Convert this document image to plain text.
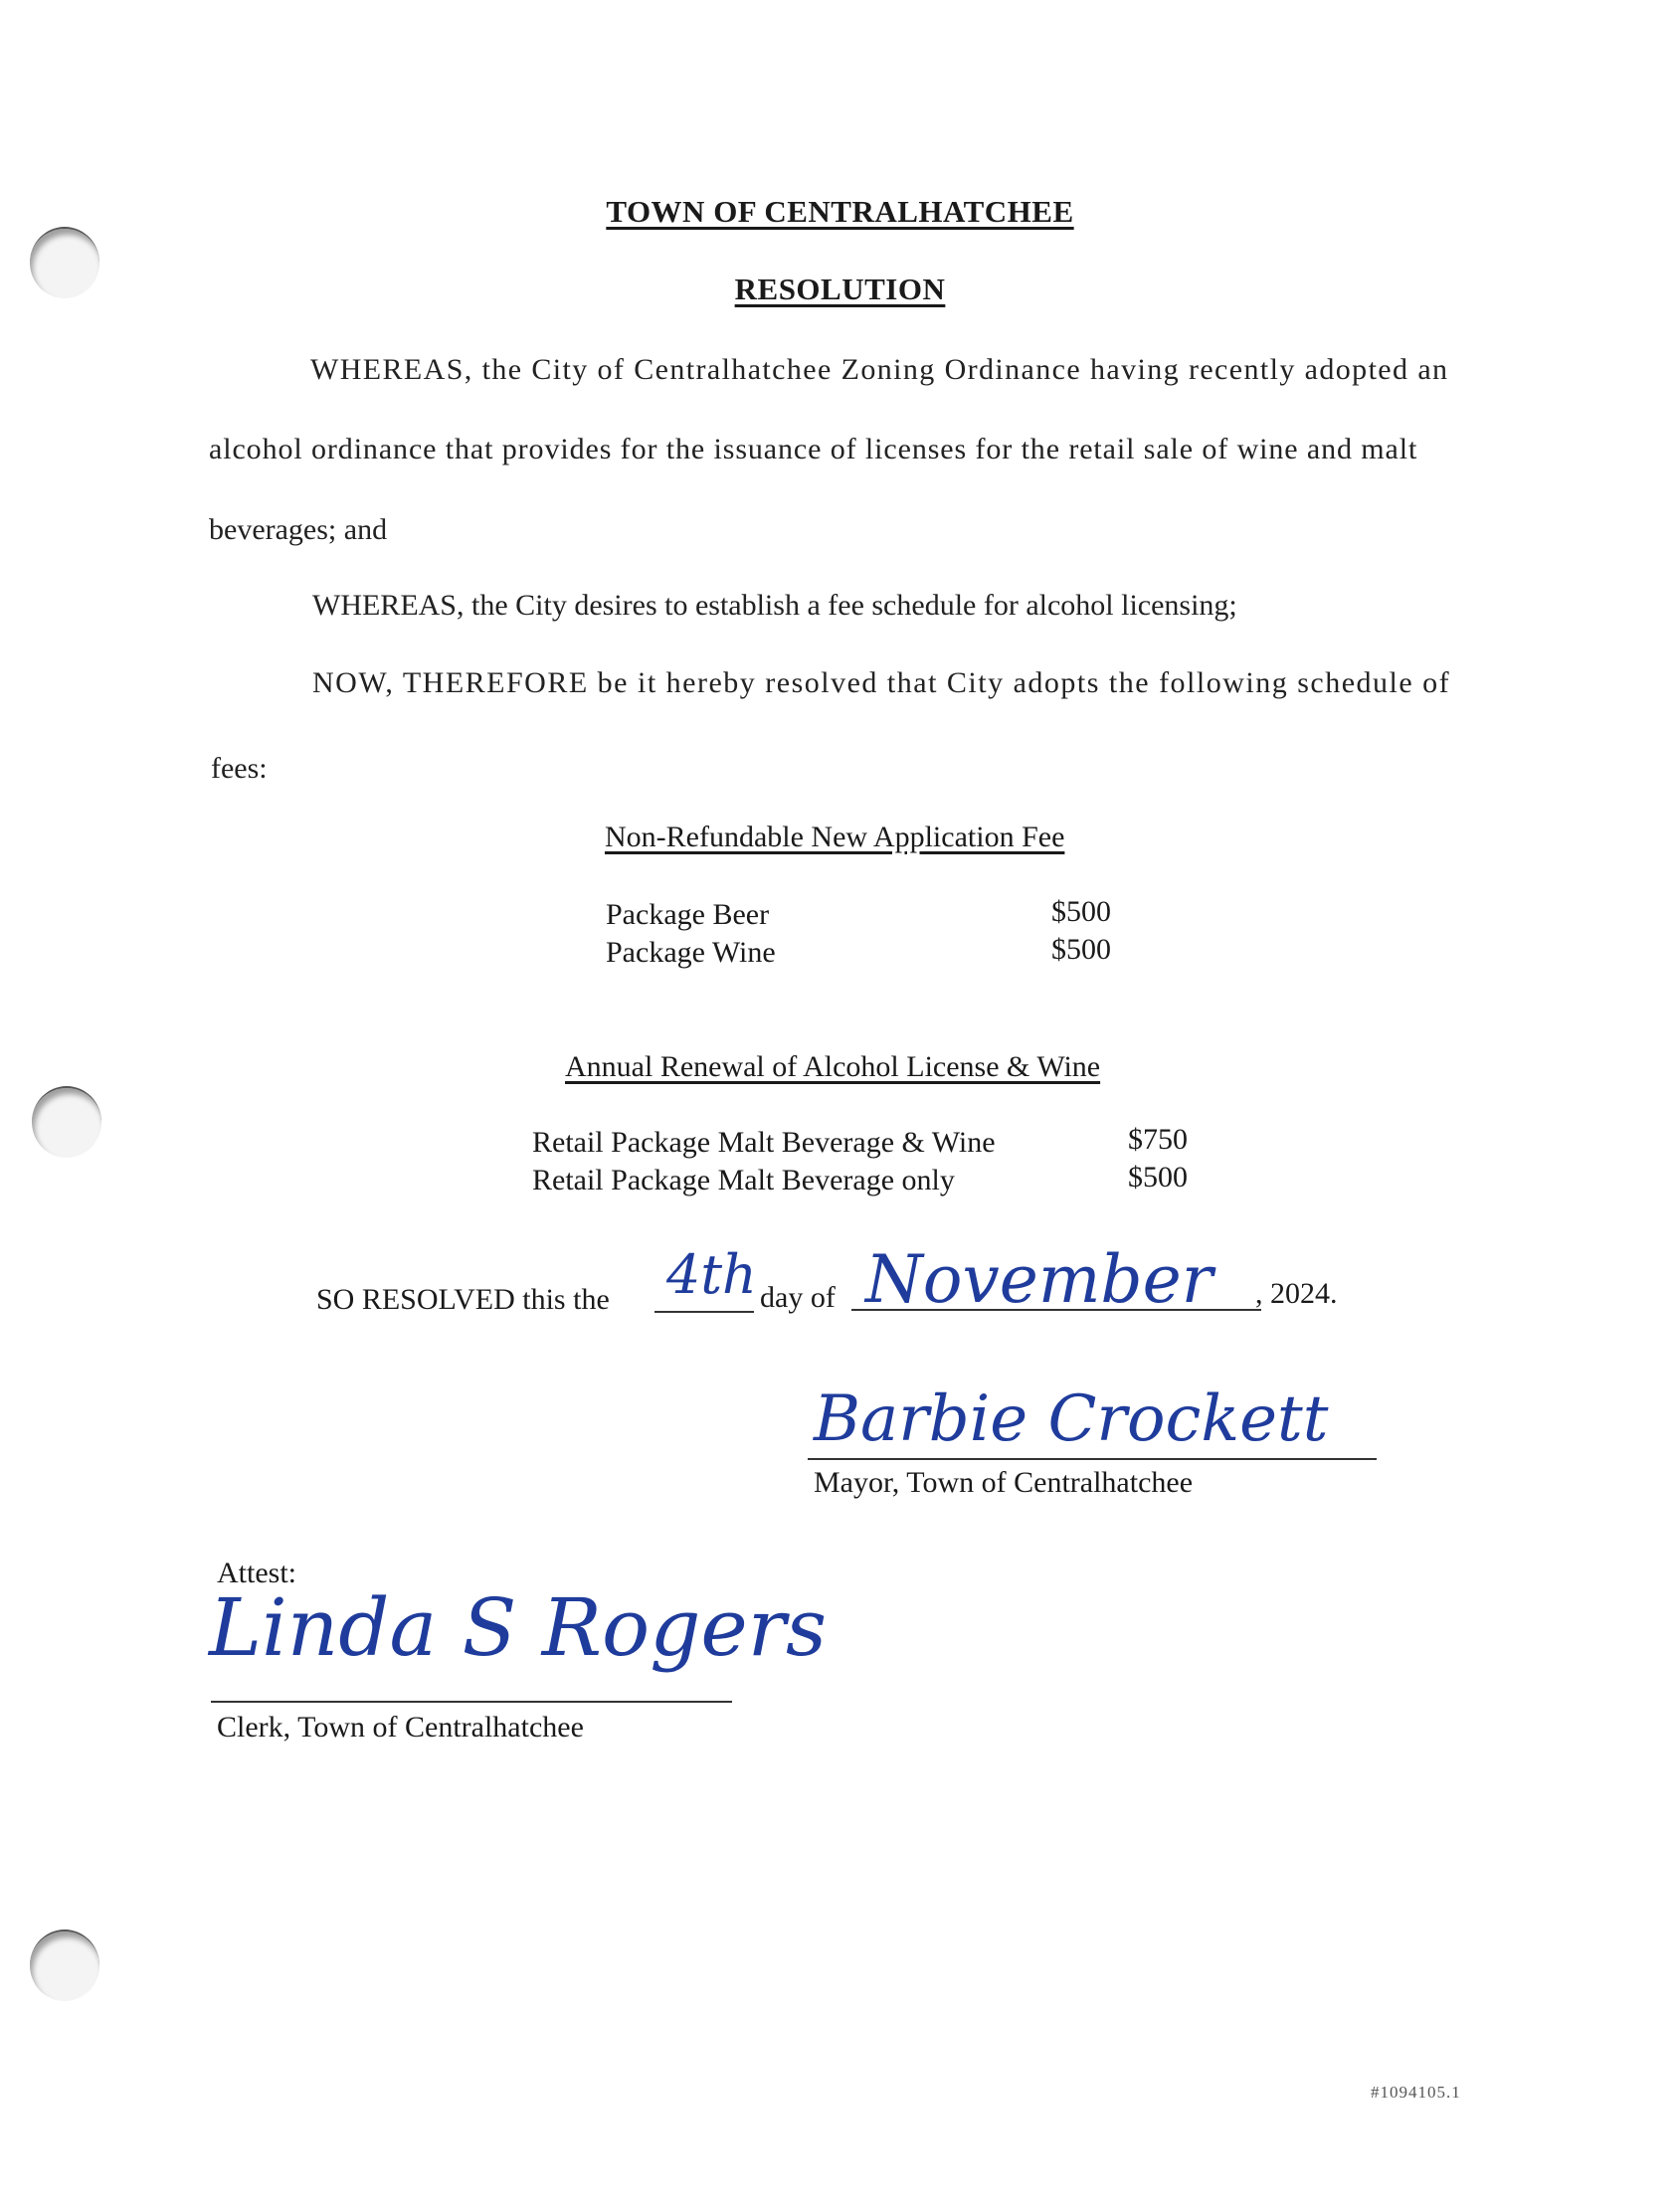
TOWN OF CENTRALHATCHEE
RESOLUTION
WHEREAS, the City of Centralhatchee Zoning Ordinance having recently adopted an
alcohol ordinance that provides for the issuance of licenses for the retail sale of wine and malt
beverages; and
WHEREAS, the City desires to establish a fee schedule for alcohol licensing;
NOW, THEREFORE be it hereby resolved that City adopts the following schedule of
fees:
Non-Refundable New Application Fee
Package Beer	$500
Package Wine	$500
Annual Renewal of Alcohol License & Wine
Retail Package Malt Beverage & Wine	$750
Retail Package Malt Beverage only	$500
SO RESOLVED this the 4th day of November , 2024.
Barbie Crockett
Mayor, Town of Centralhatchee
Attest:
Linda S Rogers
Clerk, Town of Centralhatchee
#1094105.1
